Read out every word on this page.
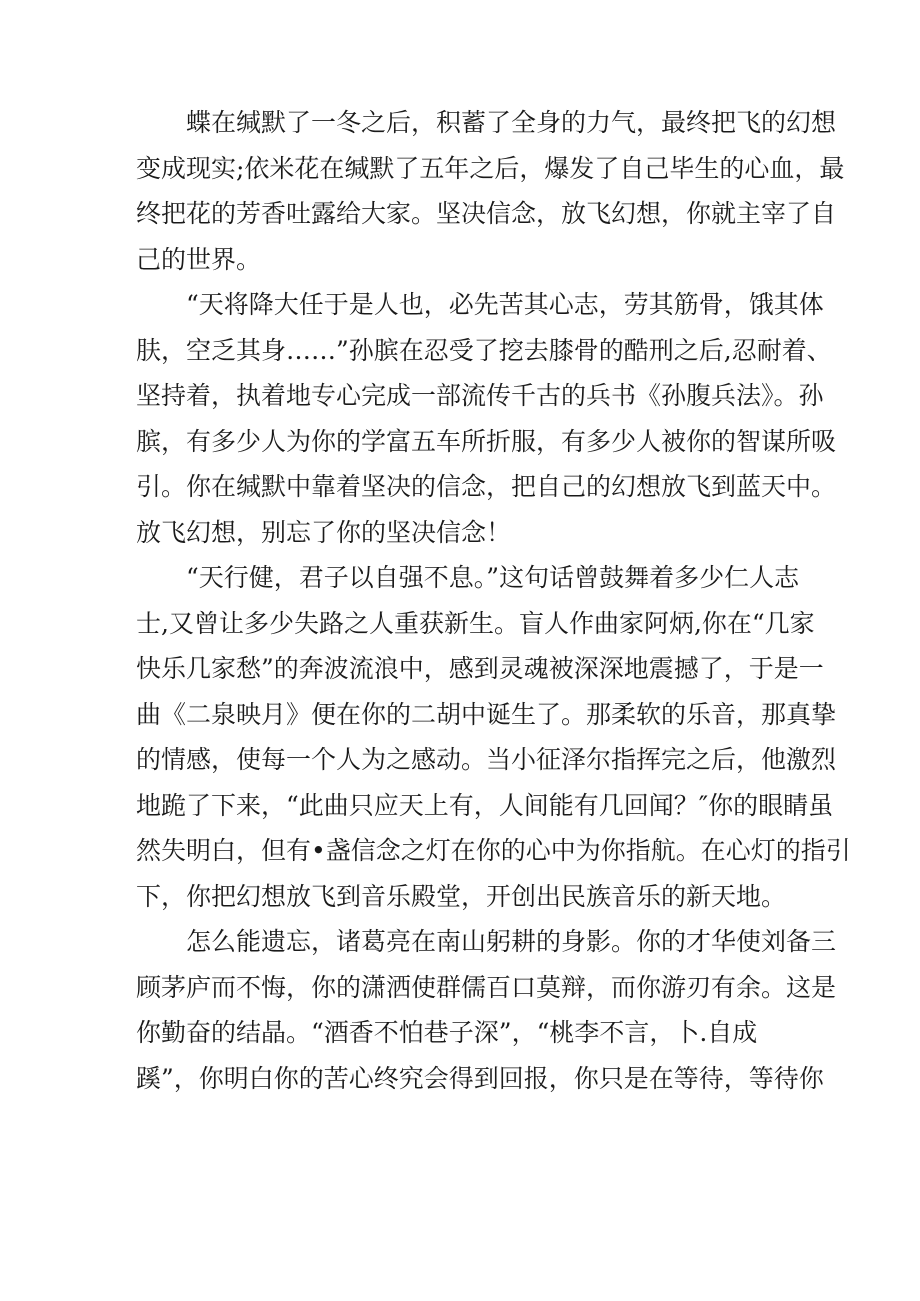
蝶在缄默了一冬之后，积蓄了全身的力气，最终把飞的幻想
变成现实;依米花在缄默了五年之后，爆发了自己毕生的心血，最
终把花的芳香吐露给大家。坚决信念，放飞幻想，你就主宰了自
己的世界。
“天将降大任于是人也，必先苦其心志，劳其筋骨，饿其体
肤，空乏其身……”孙膑在忍受了挖去膝骨的酷刑之后,忍耐着、
坚持着，执着地专心完成一部流传千古的兵书《孙腹兵法》。孙
膑，有多少人为你的学富五车所折服，有多少人被你的智谋所吸
引。你在缄默中靠着坚决的信念，把自己的幻想放飞到蓝天中。
放飞幻想，别忘了你的坚决信念！
“天行健，君子以自强不息。”这句话曾鼓舞着多少仁人志
士,又曾让多少失路之人重获新生。盲人作曲家阿炳,你在“几家
快乐几家愁”的奔波流浪中，感到灵魂被深深地震撼了，于是一
曲《二泉映月》便在你的二胡中诞生了。那柔软的乐音，那真挚
的情感，使每一个人为之感动。当小征泽尔指挥完之后，他激烈
地跪了下来，“此曲只应天上有，人间能有几回闻？″你的眼睛虽
然失明白，但有•盏信念之灯在你的心中为你指航。在心灯的指引
下，你把幻想放飞到音乐殿堂，开创出民族音乐的新天地。
怎么能遗忘，诸葛亮在南山躬耕的身影。你的才华使刘备三
顾茅庐而不悔，你的潇洒使群儒百口莫辩，而你游刃有余。这是
你勤奋的结晶。“酒香不怕巷子深”，“桃李不言，卜.自成
蹊”，你明白你的苦心终究会得到回报，你只是在等待，等待你
